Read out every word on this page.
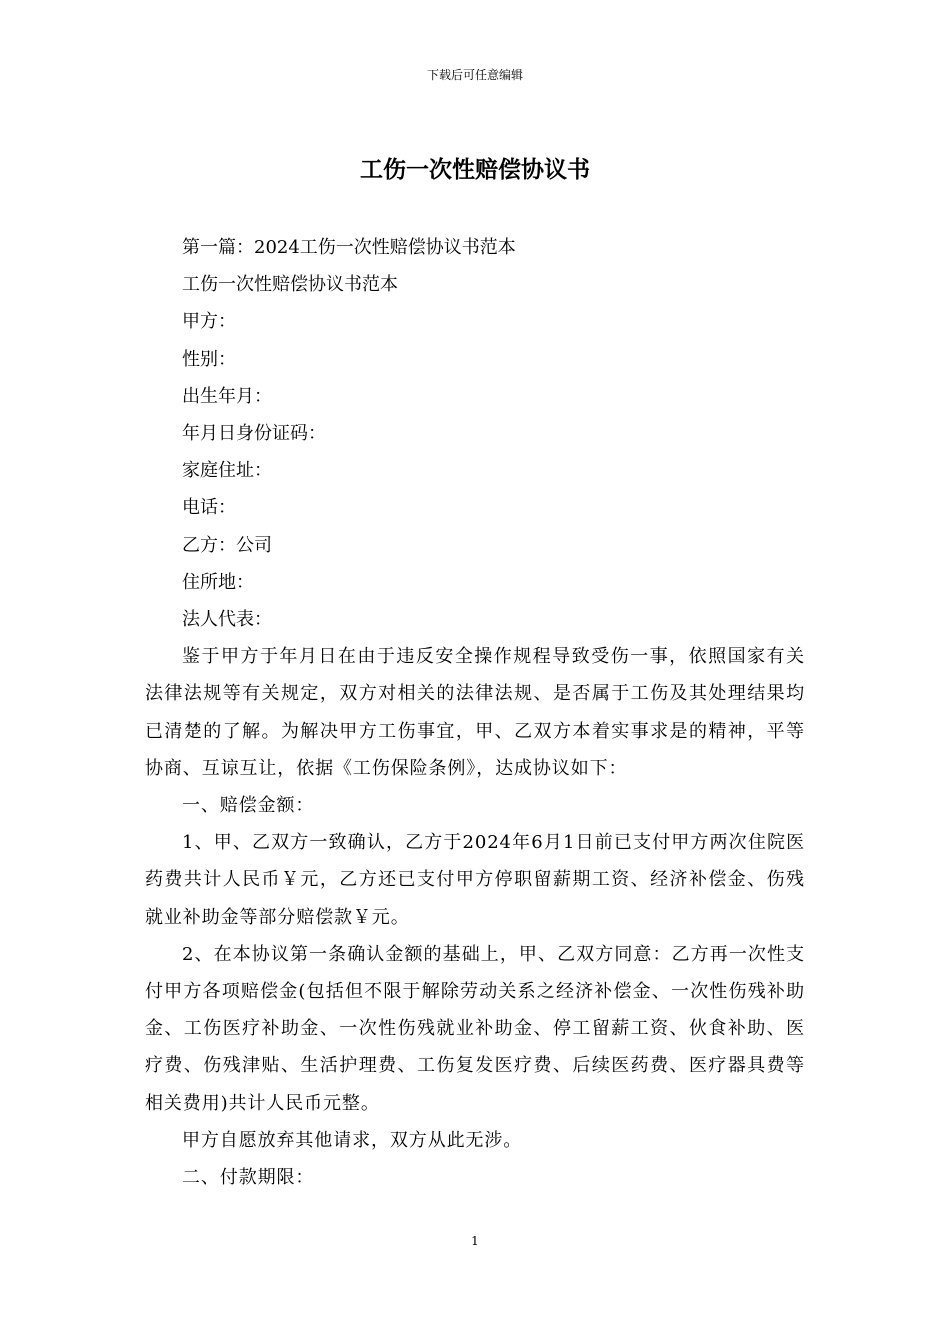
下载后可任意编辑
工伤一次性赔偿协议书

第一篇：2024工伤一次性赔偿协议书范本

工伤一次性赔偿协议书范本

甲方：

性别：

出生年月：

年月日身份证码：

家庭住址：

电话：

乙方：公司

住所地：

法人代表：

鉴于甲方于年月日在由于违反安全操作规程导致受伤一事，依照国家有关法律法规等有关规定，双方对相关的法律法规、是否属于工伤及其处理结果均已清楚的了解。为解决甲方工伤事宜，甲、乙双方本着实事求是的精神，平等协商、互谅互让，依据《工伤保险条例》，达成协议如下：

一、赔偿金额：

1、甲、乙双方一致确认，乙方于2024年6月1日前已支付甲方两次住院医药费共计人民币￥元，乙方还已支付甲方停职留薪期工资、经济补偿金、伤残就业补助金等部分赔偿款￥元。

2、在本协议第一条确认金额的基础上，甲、乙双方同意：乙方再一次性支付甲方各项赔偿金(包括但不限于解除劳动关系之经济补偿金、一次性伤残补助金、工伤医疗补助金、一次性伤残就业补助金、停工留薪工资、伙食补助、医疗费、伤残津贴、生活护理费、工伤复发医疗费、后续医药费、医疗器具费等相关费用)共计人民币元整。

甲方自愿放弃其他请求，双方从此无涉。

二、付款期限：

1
